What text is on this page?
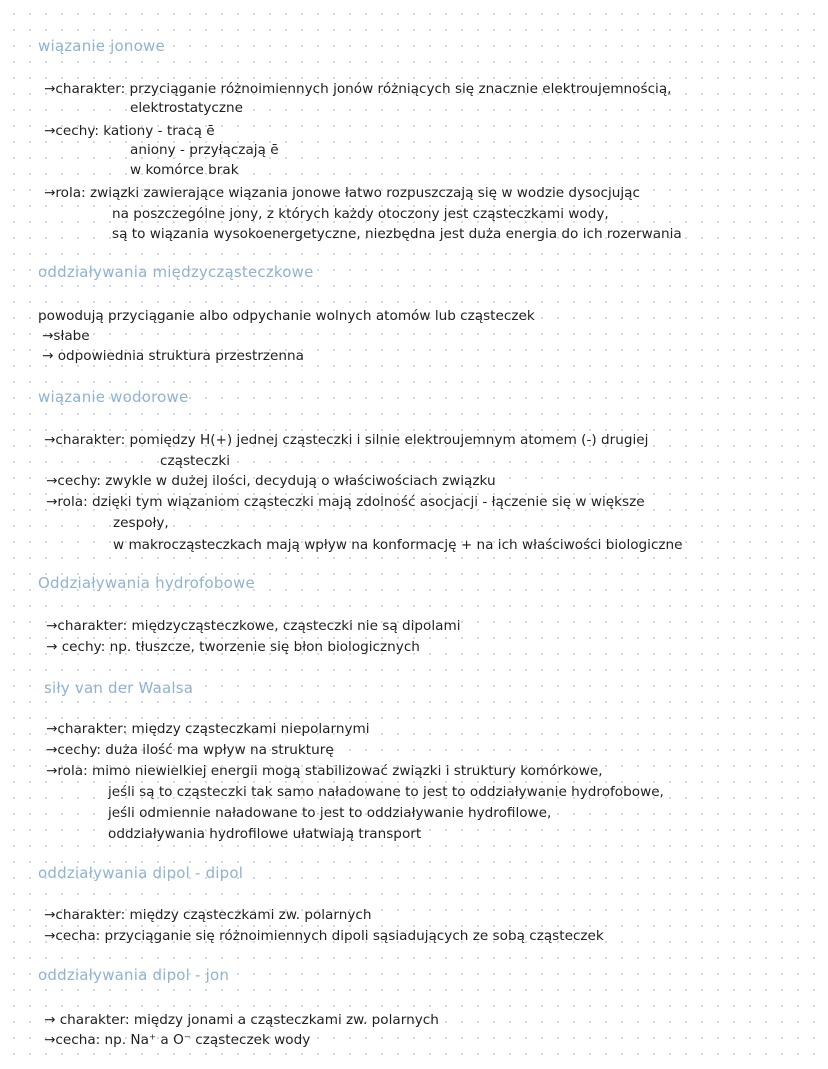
wiązanie jonowe
→charakter: przyciąganie różnoimiennych jonów różniących się znacznie elektroujemnością,
elektrostatyczne
→cechy: kationy - tracą ē
aniony - przyłączają ē
w komórce brak
→rola: związki zawierające wiązania jonowe łatwo rozpuszczają się w wodzie dysocjując
na poszczególne jony, z których każdy otoczony jest cząsteczkami wody,
są to wiązania wysokoenergetyczne, niezbędna jest duża energia do ich rozerwania
oddziaływania międzycząsteczkowe
powodują przyciąganie albo odpychanie wolnych atomów lub cząsteczek
→słabe
→ odpowiednia struktura przestrzenna
wiązanie wodorowe
→charakter: pomiędzy H(+) jednej cząsteczki i silnie elektroujemnym atomem (-) drugiej
cząsteczki
→cechy: zwykle w dużej ilości, decydują o właściwościach związku
→rola: dzięki tym wiązaniom cząsteczki mają zdolność asocjacji - łączenie się w większe
zespoły,
w makrocząsteczkach mają wpływ na konformację + na ich właściwości biologiczne
Oddziaływania hydrofobowe
→charakter: międzycząsteczkowe, cząsteczki nie są dipolami
→ cechy: np. tłuszcze, tworzenie się błon biologicznych
siły van der Waalsa
→charakter: między cząsteczkami niepolarnymi
→cechy: duża ilość ma wpływ na strukturę
→rola: mimo niewielkiej energii mogą stabilizować związki i struktury komórkowe,
jeśli są to cząsteczki tak samo naładowane to jest to oddziaływanie hydrofobowe,
jeśli odmiennie naładowane to jest to oddziaływanie hydrofilowe,
oddziaływania hydrofilowe ułatwiają transport
oddziaływania dipol - dipol
→charakter: między cząsteczkami zw. polarnych
→cecha: przyciąganie się różnoimiennych dipoli sąsiadujących ze sobą cząsteczek
oddziaływania dipol - jon
→ charakter: między jonami a cząsteczkami zw. polarnych
→cecha: np. Na⁺ a O⁻ cząsteczek wody
